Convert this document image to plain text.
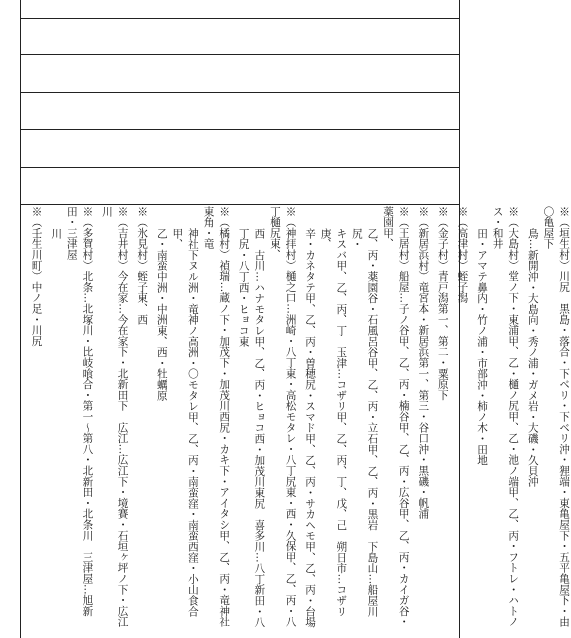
※（垣生村）川尻　黒島・落合・下ベリ・下ベリ沖・狸端・東亀屋下・五平亀屋下・由〇亀屋下
鳥…新開沖・大島向・秀ノ浦・ガメ岩・大磯・久貝沖
※（大島村）堂ノ下・東浦甲、乙・樋ノ尻甲、乙・池ノ端甲、乙、丙・フトレ・ハトノス・和井
田・アマテ鼻内・竹ノ浦・市部沖・柿ノ木・田地
※（高津村）蛭子潟
※（金子村）青戸潟第一、第二・粟原下
※（新居浜村）竜宮本・新居浜第一、第三・谷口沖・黒磯・帆浦
※（王居村）船屋…子ノ谷甲、乙、丙・楠谷甲、乙、丙・広谷甲、乙、丙・カイガ谷・薬園甲、
乙、丙・薬園谷・石風呂谷甲、乙、丙・立石甲、乙、丙・黒岩　下島山…船屋川尻・
キスバ甲、乙、丙、丁　玉津…コザリ甲、乙、丙、丁、戊、己　朔日市…コザリ庚、
辛・カネタテ甲、乙、丙・曽穂尻・スマド甲、乙、丙・サカヘモ甲、乙、丙・台場
※（神拝村）樋之口…洲崎・八丁東・高松モタレ・八丁尻東・西・久保甲、乙、丙・八丁樋尻東、
西　古川…ハナモタレ甲、乙、丙・ヒョコ西・加茂川東尻　喜多川…八丁新田・八
丁尻・八丁西・ヒョコ東
※（橘村）禎瑞…蔵ノ下・加茂下・加茂川西尻・カキ下・アイタシ甲、乙、丙・竜神社東角・竜
神社下ヌル洲・竜神ノ高洲・〇モタレ甲、乙、丙・南蛮窪・南蛮西窪・小山食合甲、
乙・南蛮中洲・中洲東、西・牡蠣原
※（氷見村）蛭子東、西
※（吉井村）今在家…今在家下・北新田下　広江…広江下・境賽・石垣ヶ坪ノ下・広江川
※（多賀村）北条…北塚川・比岐喰合・第一～第八・北新田・北条川　三津屋…旭新田・三津屋
川
※（壬生川町）中ノ足・川尻
